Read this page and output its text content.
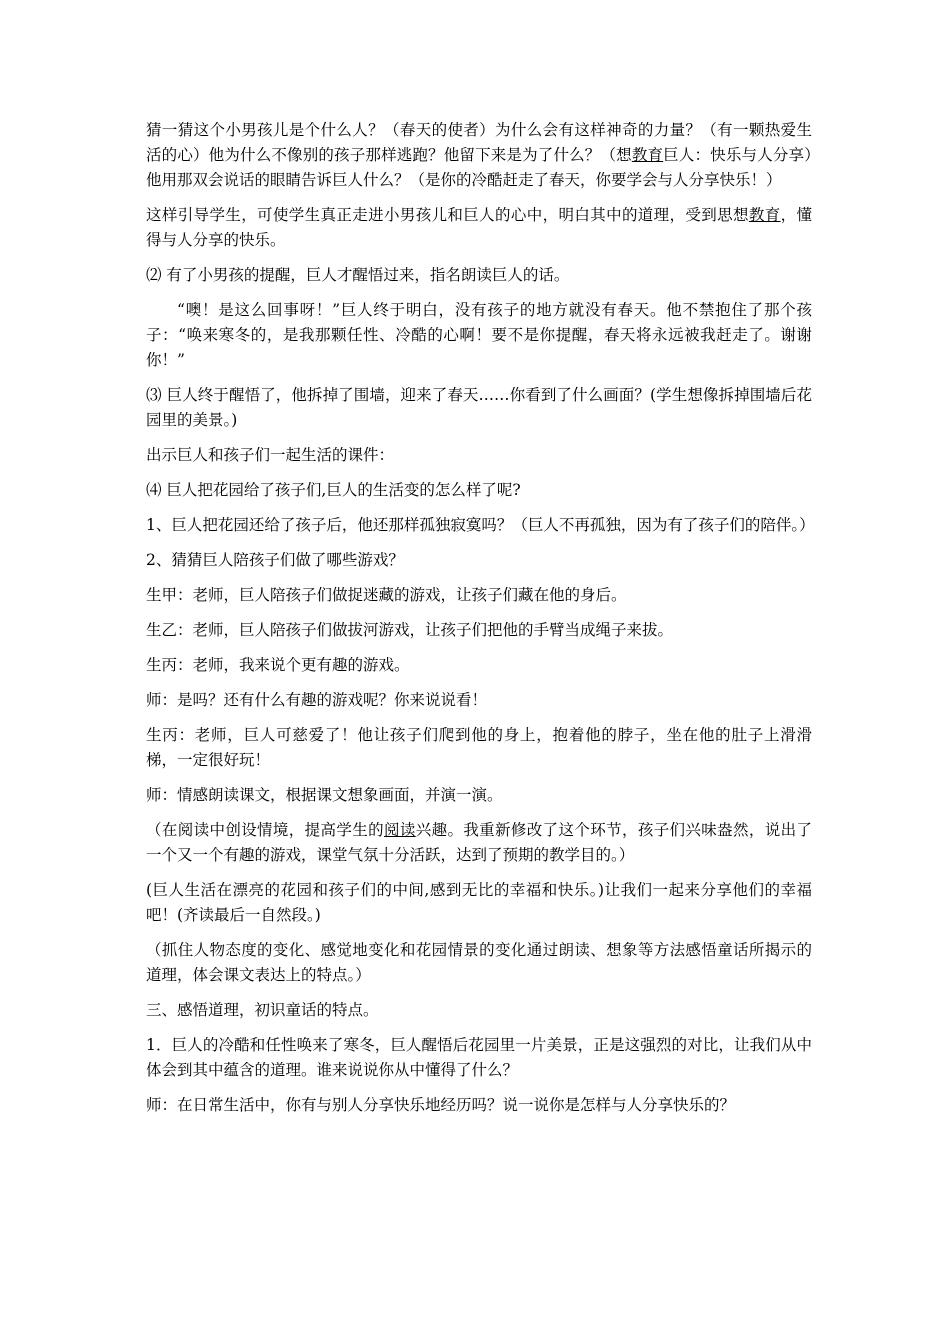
猜一猜这个小男孩儿是个什么人？（春天的使者）为什么会有这样神奇的力量？（有一颗热爱生活的心）他为什么不像别的孩子那样逃跑？他留下来是为了什么？（想教育巨人：快乐与人分享）他用那双会说话的眼睛告诉巨人什么？（是你的冷酷赶走了春天，你要学会与人分享快乐！）

这样引导学生，可使学生真正走进小男孩儿和巨人的心中，明白其中的道理，受到思想教育，懂得与人分享的快乐。

⑵ 有了小男孩的提醒，巨人才醒悟过来，指名朗读巨人的话。

“噢！是这么回事呀！”巨人终于明白，没有孩子的地方就没有春天。他不禁抱住了那个孩子：“唤来寒冬的，是我那颗任性、冷酷的心啊！要不是你提醒，春天将永远被我赶走了。谢谢你！”

⑶ 巨人终于醒悟了，他拆掉了围墙，迎来了春天……你看到了什么画面？(学生想像拆掉围墙后花园里的美景。)

出示巨人和孩子们一起生活的课件：

⑷ 巨人把花园给了孩子们,巨人的生活变的怎么样了呢?

1、巨人把花园还给了孩子后，他还那样孤独寂寞吗？（巨人不再孤独，因为有了孩子们的陪伴。）

2、猜猜巨人陪孩子们做了哪些游戏？

生甲：老师，巨人陪孩子们做捉迷藏的游戏，让孩子们藏在他的身后。

生乙：老师，巨人陪孩子们做拔河游戏，让孩子们把他的手臂当成绳子来拔。

生丙：老师，我来说个更有趣的游戏。

师：是吗？还有什么有趣的游戏呢？你来说说看！

生丙：老师，巨人可慈爱了！他让孩子们爬到他的身上，抱着他的脖子，坐在他的肚子上滑滑梯，一定很好玩！

师：情感朗读课文，根据课文想象画面，并演一演。

（在阅读中创设情境，提高学生的阅读兴趣。我重新修改了这个环节，孩子们兴味盎然，说出了一个又一个有趣的游戏，课堂气氛十分活跃，达到了预期的教学目的。）

(巨人生活在漂亮的花园和孩子们的中间,感到无比的幸福和快乐。)让我们一起来分享他们的幸福吧！(齐读最后一自然段。)

（抓住人物态度的变化、感觉地变化和花园情景的变化通过朗读、想象等方法感悟童话所揭示的道理，体会课文表达上的特点。）

三、感悟道理，初识童话的特点。

1．巨人的冷酷和任性唤来了寒冬，巨人醒悟后花园里一片美景，正是这强烈的对比，让我们从中体会到其中蕴含的道理。谁来说说你从中懂得了什么？

师：在日常生活中，你有与别人分享快乐地经历吗？说一说你是怎样与人分享快乐的？
